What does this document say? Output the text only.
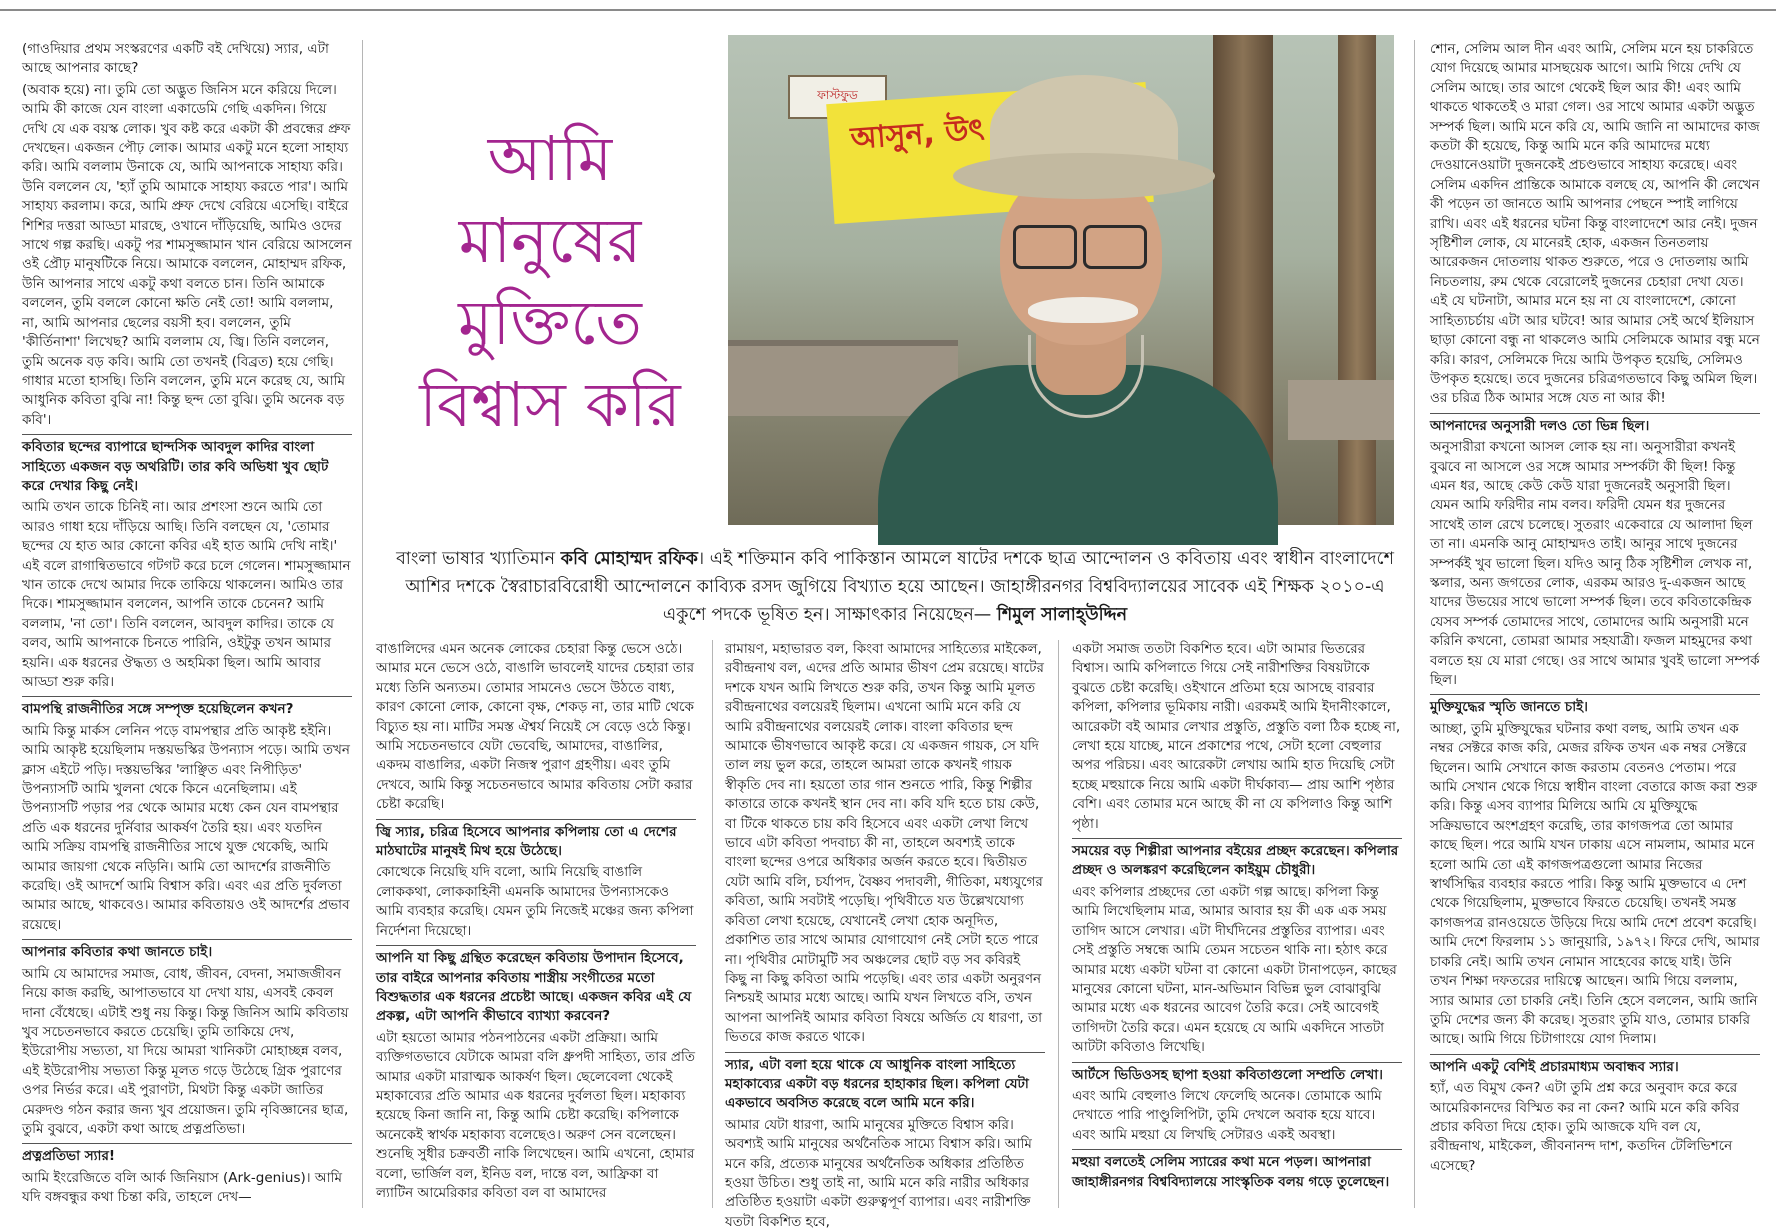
(গাওদিয়ার প্রথম সংস্করণের একটি বই দেখিয়ে) স্যার, এটা আছে আপনার কাছে?

(অবাক হয়ে) না। তুমি তো অদ্ভুত জিনিস মনে করিয়ে দিলে। আমি কী কাজে যেন বাংলা একাডেমি গেছি একদিন। গিয়ে দেখি যে এক বয়স্ক লোক। খুব কষ্ট করে একটা কী প্রবন্ধের প্রুফ দেখছেন। একজন পৌঢ় লোক। আমার একটু মনে হলো সাহায্য করি। আমি বললাম উনাকে যে, আমি আপনাকে সাহায্য করি। উনি বললেন যে, 'হ্যাঁ তুমি আমাকে সাহায্য করতে পার'। আমি সাহায্য করলাম। করে, আমি প্রুফ দেখে বেরিয়ে এসেছি। বাইরে শিশির দত্তরা আড্ডা মারছে, ওখানে দাঁড়িয়েছি, আমিও ওদের সাথে গল্প করছি। একটু পর শামসুজ্জামান খান বেরিয়ে আসলেন ওই প্রৌঢ় মানুষটিকে নিয়ে। আমাকে বললেন, মোহাম্মদ রফিক, উনি আপনার সাথে একটু কথা বলতে চান। তিনি আমাকে বললেন, তুমি বললে কোনো ক্ষতি নেই তো! আমি বললাম, না, আমি আপনার ছেলের বয়সী হব। বললেন, তুমি 'কীর্তিনাশা' লিখেছ? আমি বললাম যে, জ্বি। তিনি বললেন, তুমি অনেক বড় কবি। আমি তো তখনই (বিব্রত) হয়ে গেছি। গাধার মতো হাসছি। তিনি বললেন, তুমি মনে করেছ যে, আমি আধুনিক কবিতা বুঝি না! কিন্তু ছন্দ তো বুঝি। তুমি অনেক বড় কবি'।

কবিতার ছন্দের ব্যাপারে ছান্দসিক আবদুল কাদির বাংলা সাহিত্যে একজন বড় অথরিটি। তার কবি অভিধা খুব ছোট করে দেখার কিছু নেই।

আমি তখন তাকে চিনিই না। আর প্রশংসা শুনে আমি তো আরও গাধা হয়ে দাঁড়িয়ে আছি। তিনি বলছেন যে, 'তোমার ছন্দের যে হাত আর কোনো কবির এই হাত আমি দেখি নাই।' এই বলে রাগান্বিতভাবে গটগট করে চলে গেলেন। শামসুজ্জামান খান তাকে দেখে আমার দিকে তাকিয়ে থাকলেন। আমিও তার দিকে। শামসুজ্জামান বললেন, আপনি তাকে চেনেন? আমি বললাম, 'না তো'। তিনি বললেন, আবদুল কাদির। তাকে যে বলব, আমি আপনাকে চিনতে পারিনি, ওইটুকু তখন আমার হয়নি। এক ধরনের ঔদ্ধত্য ও অহমিকা ছিল। আমি আবার আড্ডা শুরু করি।

বামপন্থি রাজনীতির সঙ্গে সম্পৃক্ত হয়েছিলেন কখন?

আমি কিন্তু মার্কস লেনিন পড়ে বামপন্থার প্রতি আকৃষ্ট হইনি। আমি আকৃষ্ট হয়েছিলাম দস্তয়ভস্কির উপন্যাস পড়ে। আমি তখন ক্লাস এইটে পড়ি। দস্তয়ভস্কির 'লাঞ্ছিত এবং নিপীড়িত' উপন্যাসটি আমি খুলনা থেকে কিনে এনেছিলাম। এই উপন্যাসটি পড়ার পর থেকে আমার মধ্যে কেন যেন বামপন্থার প্রতি এক ধরনের দুর্নিবার আকর্ষণ তৈরি হয়। এবং যতদিন আমি সক্রিয় বামপন্থি রাজনীতির সাথে যুক্ত থেকেছি, আমি আমার জায়গা থেকে নড়িনি। আমি তো আদর্শের রাজনীতি করেছি। ওই আদর্শে আমি বিশ্বাস করি। এবং এর প্রতি দুর্বলতা আমার আছে, থাকবেও। আমার কবিতায়ও ওই আদর্শের প্রভাব রয়েছে।

আপনার কবিতার কথা জানতে চাই।

আমি যে আমাদের সমাজ, বোধ, জীবন, বেদনা, সমাজজীবন নিয়ে কাজ করছি, আপাতভাবে যা দেখা যায়, এসবই কেবল দানা বেঁধেছে। এটাই শুধু নয় কিন্তু। কিন্তু জিনিস আমি কবিতায় খুব সচেতনভাবে করতে চেয়েছি। তুমি তাকিয়ে দেখ, ইউরোপীয় সভ্যতা, যা দিয়ে আমরা খানিকটা মোহাচ্ছন্ন বলব, এই ইউরোপীয় সভ্যতা কিন্তু মূলত গড়ে উঠেছে গ্রিক পুরাণের ওপর নির্ভর করে। এই পুরাণটা, মিথটা কিন্তু একটা জাতির মেরুদণ্ড গঠন করার জন্য খুব প্রয়োজন। তুমি নৃবিজ্ঞানের ছাত্র, তুমি বুঝবে, একটা কথা আছে প্রত্নপ্রতিভা।

প্রত্নপ্রতিভা স্যার!

আমি ইংরেজিতে বলি আর্ক জিনিয়াস (Ark-genius)। আমি যদি বঙ্গবন্ধুর কথা চিন্তা করি, তাহলে দেখ—

আমি
মানুষের
মুক্তিতে
বিশ্বাস করি
ফাস্টফুড
আসুন, উৎ
বাংলা ভাষার খ্যাতিমান কবি মোহাম্মদ রফিক। এই শক্তিমান কবি পাকিস্তান আমলে ষাটের দশকে ছাত্র আন্দোলন ও কবিতায় এবং স্বাধীন বাংলাদেশে আশির দশকে স্বৈরাচারবিরোধী আন্দোলনে কাব্যিক রসদ জুগিয়ে বিখ্যাত হয়ে আছেন। জাহাঙ্গীরনগর বিশ্ববিদ্যালয়ের সাবেক এই শিক্ষক ২০১০-এ একুশে পদকে ভূষিত হন। সাক্ষাৎকার নিয়েছেন— শিমুল সালাহ্উদ্দিন

বাঙালিদের এমন অনেক লোকের চেহারা কিন্তু ভেসে ওঠে। আমার মনে ভেসে ওঠে, বাঙালি ভাবলেই যাদের চেহারা তার মধ্যে তিনি অন্যতম। তোমার সামনেও ভেসে উঠতে বাধ্য, কারণ কোনো লোক, কোনো বৃক্ষ, শেকড় না, তার মাটি থেকে বিচ্যুত হয় না। মাটির সমস্ত ঐশ্বর্য নিয়েই সে বেড়ে ওঠে কিন্তু। আমি সচেতনভাবে যেটা ভেবেছি, আমাদের, বাঙালির, একদম বাঙালির, একটা নিজস্ব পুরাণ গ্রহণীয়। এবং তুমি দেখবে, আমি কিন্তু সচেতনভাবে আমার কবিতায় সেটা করার চেষ্টা করেছি।

জ্বি স্যার, চরিত্র হিসেবে আপনার কপিলায় তো এ দেশের মাঠঘাটের মানুষই মিথ হয়ে উঠেছে।

কোত্থেকে নিয়েছি যদি বলো, আমি নিয়েছি বাঙালি লোককথা, লোককাহিনী এমনকি আমাদের উপন্যাসকেও আমি ব্যবহার করেছি। যেমন তুমি নিজেই মঞ্চের জন্য কপিলা নির্দেশনা দিয়েছো।

আপনি যা কিছু গ্রন্থিত করেছেন কবিতায় উপাদান হিসেবে, তার বাইরে আপনার কবিতায় শাস্ত্রীয় সংগীতের মতো বিশুদ্ধতার এক ধরনের প্রচেষ্টা আছে। একজন কবির এই যে প্রকল্প, এটা আপনি কীভাবে ব্যাখ্যা করবেন?

এটা হয়তো আমার পঠনপাঠনের একটা প্রক্রিয়া। আমি ব্যক্তিগতভাবে যেটাকে আমরা বলি ধ্রুপদী সাহিত্য, তার প্রতি আমার একটা মারাত্মক আকর্ষণ ছিল। ছেলেবেলা থেকেই মহাকাব্যের প্রতি আমার এক ধরনের দুর্বলতা ছিল। মহাকাব্য হয়েছে কিনা জানি না, কিন্তু আমি চেষ্টা করেছি। কপিলাকে অনেকেই স্বার্থক মহাকাব্য বলেছেও। অরুণ সেন বলেছেন। শুনেছি সুধীর চক্রবর্তী নাকি লিখেছেন। আমি এখনো, হোমার বলো, ভার্জিল বল, ইনিড বল, দান্তে বল, আফ্রিকা বা ল্যাটিন আমেরিকার কবিতা বল বা আমাদের

রামায়ণ, মহাভারত বল, কিংবা আমাদের সাহিত্যের মাইকেল, রবীন্দ্রনাথ বল, এদের প্রতি আমার ভীষণ প্রেম রয়েছে। ষাটের দশকে যখন আমি লিখতে শুরু করি, তখন কিন্তু আমি মূলত রবীন্দ্রনাথের বলয়েরই ছিলাম। এখনো আমি মনে করি যে আমি রবীন্দ্রনাথের বলয়েরই লোক। বাংলা কবিতার ছন্দ আমাকে ভীষণভাবে আকৃষ্ট করে। যে একজন গায়ক, সে যদি তাল লয় ভুল করে, তাহলে আমরা তাকে কখনই গায়ক স্বীকৃতি দেব না। হয়তো তার গান শুনতে পারি, কিন্তু শিল্পীর কাতারে তাকে কখনই স্থান দেব না। কবি যদি হতে চায় কেউ, বা টিকে থাকতে চায় কবি হিসেবে এবং একটা লেখা লিখে ভাবে এটা কবিতা পদবাচ্য কী না, তাহলে অবশ্যই তাকে বাংলা ছন্দের ওপরে অধিকার অর্জন করতে হবে। দ্বিতীয়ত যেটা আমি বলি, চর্যাপদ, বৈষ্ণব পদাবলী, গীতিকা, মধ্যযুগের কবিতা, আমি সবটাই পড়েছি। পৃথিবীতে যত উল্লেখযোগ্য কবিতা লেখা হয়েছে, যেখানেই লেখা হোক অনূদিত, প্রকাশিত তার সাথে আমার যোগাযোগ নেই সেটা হতে পারে না। পৃথিবীর মোটামুটি সব অঞ্চলের ছোট বড় সব কবিরই কিছু না কিছু কবিতা আমি পড়েছি। এবং তার একটা অনুরণন নিশ্চয়ই আমার মধ্যে আছে। আমি যখন লিখতে বসি, তখন আপনা আপনিই আমার কবিতা বিষয়ে অর্জিত যে ধারণা, তা ভিতরে কাজ করতে থাকে।

স্যার, এটা বলা হয়ে থাকে যে আধুনিক বাংলা সাহিত্যে মহাকাব্যের একটা বড় ধরনের হাহাকার ছিল। কপিলা যেটা একভাবে অবসিত করেছে বলে আমি মনে করি।

আমার যেটা ধারণা, আমি মানুষের মুক্তিতে বিশ্বাস করি। অবশ্যই আমি মানুষের অর্থনৈতিক সাম্যে বিশ্বাস করি। আমি মনে করি, প্রত্যেক মানুষের অর্থনৈতিক অধিকার প্রতিষ্ঠিত হওয়া উচিত। শুধু তাই না, আমি মনে করি নারীর অধিকার প্রতিষ্ঠিত হওয়াটা একটা গুরুত্বপূর্ণ ব্যাপার। এবং নারীশক্তি যতটা বিকশিত হবে,

একটা সমাজ ততটা বিকশিত হবে। এটা আমার ভিতরের বিশ্বাস। আমি কপিলাতে গিয়ে সেই নারীশক্তির বিষয়টাকে বুঝতে চেষ্টা করেছি। ওইখানে প্রতিমা হয়ে আসছে বারবার কপিলা, কপিলার ভূমিকায় নারী। এরকমই আমি ইদানীংকালে, আরেকটা বই আমার লেখার প্রস্তুতি, প্রস্তুতি বলা ঠিক হচ্ছে না, লেখা হয়ে যাচ্ছে, মানে প্রকাশের পথে, সেটা হলো বেহুলার অপর পরিচয়। এবং আরেকটা লেখায় আমি হাত দিয়েছি সেটা হচ্ছে মহুয়াকে নিয়ে আমি একটা দীর্ঘকাব্য— প্রায় আশি পৃষ্ঠার বেশি। এবং তোমার মনে আছে কী না যে কপিলাও কিন্তু আশি পৃষ্ঠা।

সময়ের বড় শিল্পীরা আপনার বইয়ের প্রচ্ছদ করেছেন। কপিলার প্রচ্ছদ ও অলঙ্করণ করেছিলেন কাইয়ুম চৌধুরী।

এবং কপিলার প্রচ্ছদের তো একটা গল্প আছে। কপিলা কিন্তু আমি লিখেছিলাম মাত্র, আমার আবার হয় কী এক এক সময় তাগিদ আসে লেখার। এটা দীর্ঘদিনের প্রস্তুতির ব্যাপার। এবং সেই প্রস্তুতি সম্বন্ধে আমি তেমন সচেতন থাকি না। হঠাৎ করে আমার মধ্যে একটা ঘটনা বা কোনো একটা টানাপড়েন, কাছের মানুষের কোনো ঘটনা, মান-অভিমান বিভিন্ন ভুল বোঝাবুঝি আমার মধ্যে এক ধরনের আবেগ তৈরি করে। সেই আবেগই তাগিদটা তৈরি করে। এমন হয়েছে যে আমি একদিনে সাতটা আটটা কবিতাও লিখেছি।

আর্টসে ভিডিওসহ ছাপা হওয়া কবিতাগুলো সম্প্রতি লেখা।

এবং আমি বেহুলাও লিখে ফেলেছি অনেক। তোমাকে আমি দেখাতে পারি পাণ্ডুলিপিটা, তুমি দেখলে অবাক হয়ে যাবে। এবং আমি মহুয়া যে লিখছি সেটারও একই অবস্থা।

মহুয়া বলতেই সেলিম স্যারের কথা মনে পড়ল। আপনারা জাহাঙ্গীরনগর বিশ্ববিদ্যালয়ে সাংস্কৃতিক বলয় গড়ে তুলেছেন।

শোন, সেলিম আল দীন এবং আমি, সেলিম মনে হয় চাকরিতে যোগ দিয়েছে আমার মাসছয়েক আগে। আমি গিয়ে দেখি যে সেলিম আছে। তার আগে থেকেই ছিল আর কী! এবং আমি থাকতে থাকতেই ও মারা গেল। ওর সাথে আমার একটা অদ্ভুত সম্পর্ক ছিল। আমি মনে করি যে, আমি জানি না আমাদের কাজ কতটা কী হয়েছে, কিন্তু আমি মনে করি আমাদের মধ্যে দেওয়ানেওয়াটা দুজনকেই প্রচণ্ডভাবে সাহায্য করেছে। এবং সেলিম একদিন প্রান্তিকে আমাকে বলছে যে, আপনি কী লেখেন কী পড়েন তা জানতে আমি আপনার পেছনে স্পাই লাগিয়ে রাখি। এবং এই ধরনের ঘটনা কিন্তু বাংলাদেশে আর নেই। দুজন সৃষ্টিশীল লোক, যে মানেরই হোক, একজন তিনতলায় আরেকজন দোতলায় থাকত শুরুতে, পরে ও দোতলায় আমি নিচতলায়, রুম থেকে বেরোলেই দুজনের চেহারা দেখা যেত। এই যে ঘটনাটা, আমার মনে হয় না যে বাংলাদেশে, কোনো সাহিত্যচর্চায় এটা আর ঘটবে! আর আমার সেই অর্থে ইলিয়াস ছাড়া কোনো বন্ধু না থাকলেও আমি সেলিমকে আমার বন্ধু মনে করি। কারণ, সেলিমকে দিয়ে আমি উপকৃত হয়েছি, সেলিমও উপকৃত হয়েছে। তবে দুজনের চরিত্রগতভাবে কিছু অমিল ছিল। ওর চরিত্র ঠিক আমার সঙ্গে যেত না আর কী!

আপনাদের অনুসারী দলও তো ভিন্ন ছিল।

অনুসারীরা কখনো আসল লোক হয় না। অনুসারীরা কখনই বুঝবে না আসলে ওর সঙ্গে আমার সম্পর্কটা কী ছিল! কিন্তু এমন ধর, আছে কেউ কেউ যারা দুজনেরই অনুসারী ছিল। যেমন আমি ফরিদীর নাম বলব। ফরিদী যেমন ধর দুজনের সাথেই তাল রেখে চলেছে। সুতরাং একেবারে যে আলাদা ছিল তা না। এমনকি আনু মোহাম্মদও তাই। আনুর সাথে দুজনের সম্পর্কই খুব ভালো ছিল। যদিও আনু ঠিক সৃষ্টিশীল লেখক না, স্কলার, অন্য জগতের লোক, এরকম আরও দু-একজন আছে যাদের উভয়ের সাথে ভালো সম্পর্ক ছিল। তবে কবিতাকেন্দ্রিক যেসব সম্পর্ক তোমাদের সাথে, তোমাদের আমি অনুসারী মনে করিনি কখনো, তোমরা আমার সহযাত্রী। ফজল মাহমুদের কথা বলতে হয় যে মারা গেছে। ওর সাথে আমার খুবই ভালো সম্পর্ক ছিল।

মুক্তিযুদ্ধের স্মৃতি জানতে চাই।

আচ্ছা, তুমি মুক্তিযুদ্ধের ঘটনার কথা বলছ, আমি তখন এক নম্বর সেক্টরে কাজ করি, মেজর রফিক তখন এক নম্বর সেক্টরে ছিলেন। আমি সেখানে কাজ করতাম বেতনও পেতাম। পরে আমি সেখান থেকে গিয়ে স্বাধীন বাংলা বেতারে কাজ করা শুরু করি। কিন্তু এসব ব্যাপার মিলিয়ে আমি যে মুক্তিযুদ্ধে সক্রিয়ভাবে অংশগ্রহণ করেছি, তার কাগজপত্র তো আমার কাছে ছিল। পরে আমি যখন ঢাকায় এসে নামলাম, আমার মনে হলো আমি তো এই কাগজপত্রগুলো আমার নিজের স্বার্থসিদ্ধির ব্যবহার করতে পারি। কিন্তু আমি মুক্তভাবে এ দেশ থেকে গিয়েছিলাম, মুক্তভাবে ফিরতে চেয়েছি। তখনই সমস্ত কাগজপত্র রানওয়েতে উড়িয়ে দিয়ে আমি দেশে প্রবেশ করেছি। আমি দেশে ফিরলাম ১১ জানুয়ারি, ১৯৭২। ফিরে দেখি, আমার চাকরি নেই। আমি তখন নোমান সাহেবের কাছে যাই। উনি তখন শিক্ষা দফতরের দায়িত্বে আছেন। আমি গিয়ে বললাম, স্যার আমার তো চাকরি নেই। তিনি হেসে বললেন, আমি জানি তুমি দেশের জন্য কী করেছ। সুতরাং তুমি যাও, তোমার চাকরি আছে। আমি গিয়ে চিটাগাংয়ে যোগ দিলাম।

আপনি একটু বেশিই প্রচারমাধ্যম অবান্ধব স্যার।

হ্যাঁ, এত বিমুখ কেন? এটা তুমি প্রশ্ন করে অনুবাদ করে করে আমেরিকানদের বিস্মিত কর না কেন? আমি মনে করি কবির প্রচার কবিতা দিয়ে হোক। তুমি আজকে যদি বল যে, রবীন্দ্রনাথ, মাইকেল, জীবনানন্দ দাশ, কতদিন টেলিভিশনে এসেছে?
